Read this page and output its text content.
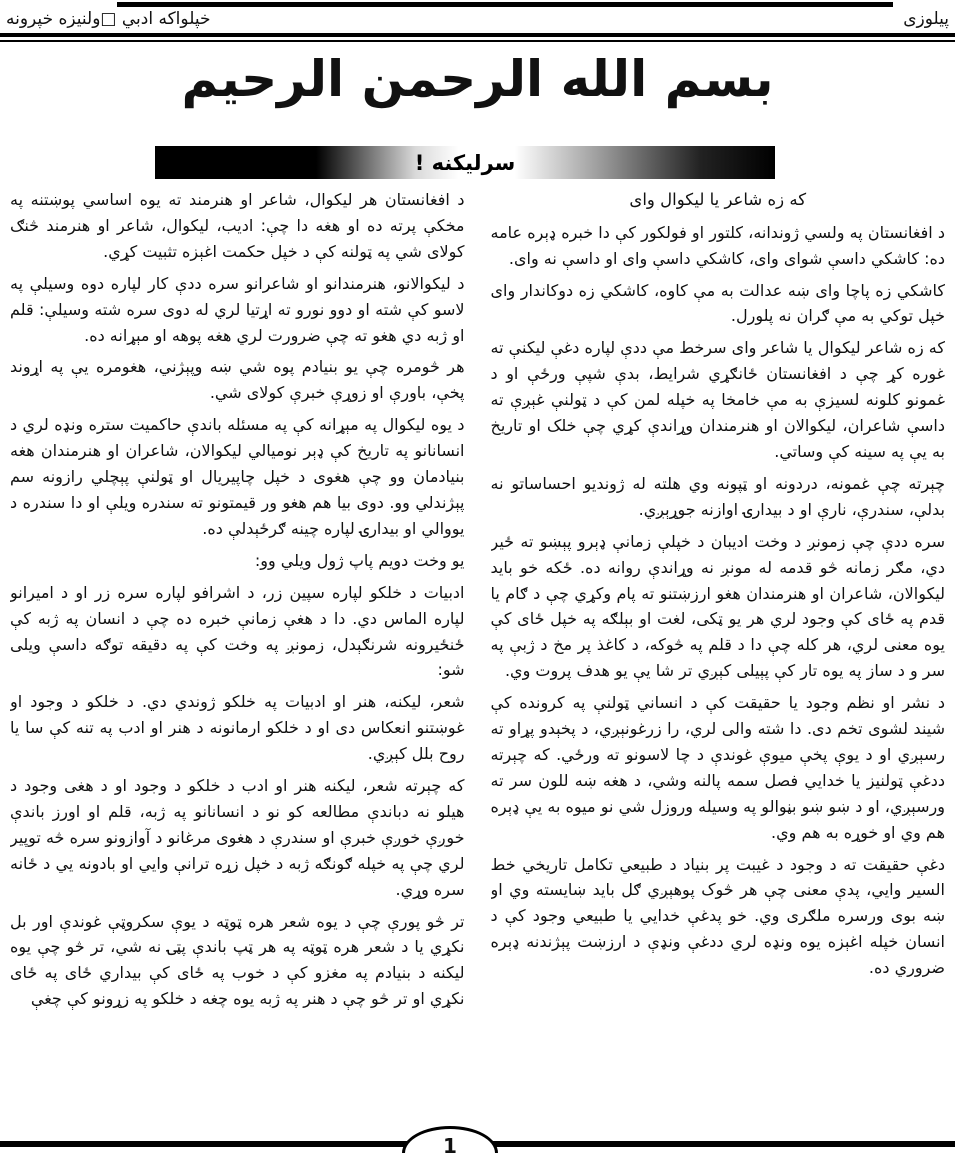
پيلوزی
خپلواکه ادبي □ولنيزه خپرونه
بسم الله الرحمن الرحيم
سرليکنه !

که زه شاعر يا ليکوال واى

د افغانستان په ولسي ژوندانه، کلتور او فولکور کې دا خبره ډېره عامه ده: کاشکي داسې شواى واى، کاشکي داسې واى او داسې نه واى.

کاشکي زه پاچا واى ښه عدالت به مې کاوه، کاشکي زه دوکاندار واى خپل توکي به مې ګران نه پلورل.

که زه شاعر ليکوال يا شاعر واى سرخط مې ددې لپاره دغې ليکنې ته غوره کړ چې د افغانستان ځانګړي شرايط، بدې شپې ورځې او د غمونو کلونه لسيزې به مې خامخا په خپله لمن کې د ټولنې غېږې ته داسې شاعران، ليکوالان او هنرمندان وړاندې کړي چې خلک او تاريخ به يې په سينه کې وساتي.

چېرته چې غمونه، دردونه او ټپونه وي هلته له ژونديو احساساتو نه بدلې، سندرې، نارې او د بيدارۍ اوازنه جوړېږي.

سره ددې چې زمونږ د وخت اديبان د خپلې زمانې ډېرو پېښو ته ځير دي، مګر زمانه څو قدمه له مونږ نه وړاندې روانه ده. ځکه خو بايد ليکوالان، شاعران او هنرمندان هغو ارزښتنو ته پام وکړي چې د ګام يا قدم په ځاى کې وجود لري هر يو ټکى، لغت او بېلګه په خپل ځاى کې يوه معنى لري، هر کله چې دا د قلم په څوکه، د کاغذ پر مخ د ژبې په سر و د ساز په يوه تار کې پېيلى کېږي تر شا يې يو هدف پروت وي.

د نشر او نظم وجود يا حقيقت کې د انساني ټولنې په کرونده کې شيند لشوى تخم دى. دا شته والى لري، را زرغونېږي، د پخېدو پړاو ته رسېږي او د يوې پخې ميوې غوندې د چا لاسونو ته ورځي. که چېرته ددغې ټولنيز يا خدايي فصل سمه پالنه وشي، د هغه ښه للون سر ته ورسېږي، او د ښو ښو بڼوالو په وسيله وروزل شي نو ميوه به يې ډېره هم وي او خوړه به هم وي.

دغې حقيقت ته د وجود د غيبت پر بنياد د طبيعي تکامل تاريخي خط السير وايي، پدې معنى چې هر څوک پوهېږي ګل بايد ښايسته وي او ښه بوى ورسره ملګرى وي. خو پدغې خدايي يا طبيعي وجود کې د انسان خپله اغېزه يوه ونډه لري ددغې ونډې د ارزښت پېژندنه ډېره ضروري ده.

د افغانستان هر ليکوال، شاعر او هنرمند ته يوه اساسي پوښتنه په مخکې پرته ده او هغه دا چې: اديب، ليکوال، شاعر او هنرمند څنګ کولاى شي په ټولنه کې د خپل حکمت اغېزه تثبيت کړي.

د ليکوالانو، هنرمندانو او شاعرانو سره ددې کار لپاره دوه وسيلې په لاسو کې شته او دوو نورو ته اړتيا لري له دوى سره شته وسيلې: قلم او ژبه دي هغو ته چې ضرورت لري هغه پوهه او مېړانه ده.

هر څومره چې يو بنيادم پوه شي ښه وپېژني، هغومره يې په اړوند پخې، باورې او زوړې خبرې کولاى شي.

د يوه ليکوال په مېړانه کې په مسئله باندې حاکميت ستره ونډه لري د انسانانو په تاريخ کې ډېر نوميالي ليکوالان، شاعران او هنرمندان هغه بنيادمان وو چې هغوى د خپل چاپيريال او ټولنې پېچلي رازونه سم پېژندلي وو. دوى بيا هم هغو ور قيمتونو ته سندره ويلې او دا سندره د يووالي او بيدارۍ لپاره چينه ګرځېدلې ده.

يو وخت دويم پاپ ژول ويلي وو:

ادبيات د خلکو لپاره سپين زر، د اشرافو لپاره سره زر او د اميرانو لپاره الماس دي. دا د هغې زمانې خبره ده چې د انسان په ژبه کې ځنځيرونه شرنګېدل، زمونږ په وخت کې په دقيقه توګه داسې ويلى شو:

شعر، ليکنه، هنر او ادبيات په خلکو ژوندي دي. د خلکو د وجود او غوښتنو انعکاس دى او د خلکو ارمانونه د هنر او ادب په تنه کې سا يا روح بلل کېږي.

که چېرته شعر، ليکنه هنر او ادب د خلکو د وجود او د هغى وجود د هيلو نه دباندې مطالعه کو نو د انسانانو په ژبه، قلم او اورز باندې خوږې خوږې خبرې او سندرې د هغوى مرغانو د آوازونو سره څه توپير لري چې په خپله ګونګه ژبه د خپل زړه ترانې وايي او بادونه يي د ځانه سره وړي.

تر څو پورې چې د يوه شعر هره ټوټه د يوې سکروټې غوندې اور بل نکړي يا د شعر هره ټوټه په هر ټپ باندې پټۍ نه شي، تر څو چې يوه ليکنه د بنيادم په مغزو کې د خوب په ځاى کې بيداري ځاى په ځاى نکړي او تر څو چې د هنر په ژبه يوه چغه د خلکو په زړونو کې چغې

1
